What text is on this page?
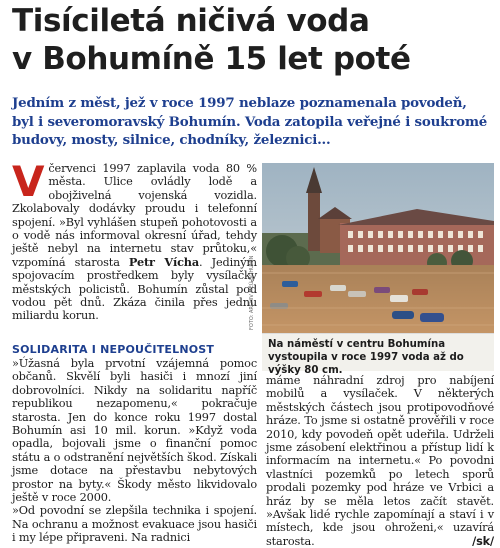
Tisíciletá ničivá voda
v Bohumíně 15 let poté
Jedním z měst, jež v roce 1997 neblaze poznamenala povodeň, byl i severomoravský Bohumín. Voda zatopila veřejné i soukromé budovy, mosty, silnice, chodníky, železnici...
Včervenci 1997 zaplavila voda 80 % města. Ulice ovládly lodě a obojživelná vojenská vozidla. Zkolabovaly dodávky proudu i telefonní spojení. »Byl vyhlášen stupeň pohotovosti a o vodě nás informoval okresní úřad, tehdy ještě nebyl na internetu stav průtoku,« vzpomíná starosta Petr Vícha. Jediným spojovacím prostředkem byly vysílačky městských policistů. Bohumín zůstal pod vodou pět dnů. Zkáza činila přes jednu miliardu korun.
SOLIDARITA I NEPOUČITELNOST

»Úžasná byla prvotní vzájemná pomoc občanů. Skvělí byli hasiči i mnozí jiní dobrovolníci. Nikdy na solidaritu napříč republikou nezapomenu,« pokračuje starosta. Jen do konce roku 1997 dostal Bohumín asi 10 mil. korun. »Když voda opadla, bojovali jsme o finanční pomoc státu a o odstranění největších škod. Získali jsme dotace na přestavbu nebytových prostor na byty.« Škody město likvidovalo ještě v roce 2000.

»Od povodní se zlepšila technika i spojení. Na ochranu a možnost evakuace jsou hasiči i my lépe připraveni. Na radnici

FOTO: ARCHIV MĚÚ BOHUMÍN
Na náměstí v centru Bohumína vystoupila v roce 1997 voda až do výšky 80 cm.
máme náhradní zdroj pro nabíjení mobilů a vysílaček. V některých městských částech jsou protipovodňové hráze. To jsme si ostatně prověřili v roce 2010, kdy povodeň opět udeřila. Udrželi jsme zásobení elektřinou a přístup lidí k informacím na internetu.« Po povodni vlastníci pozemků po letech sporů prodali pozemky pod hráze ve Vrbici a hráz by se měla letos začít stavět. »Avšak lidé rychle zapomínají a staví i v místech, kde jsou ohroženi,« uzavírá starosta.	/sk/
